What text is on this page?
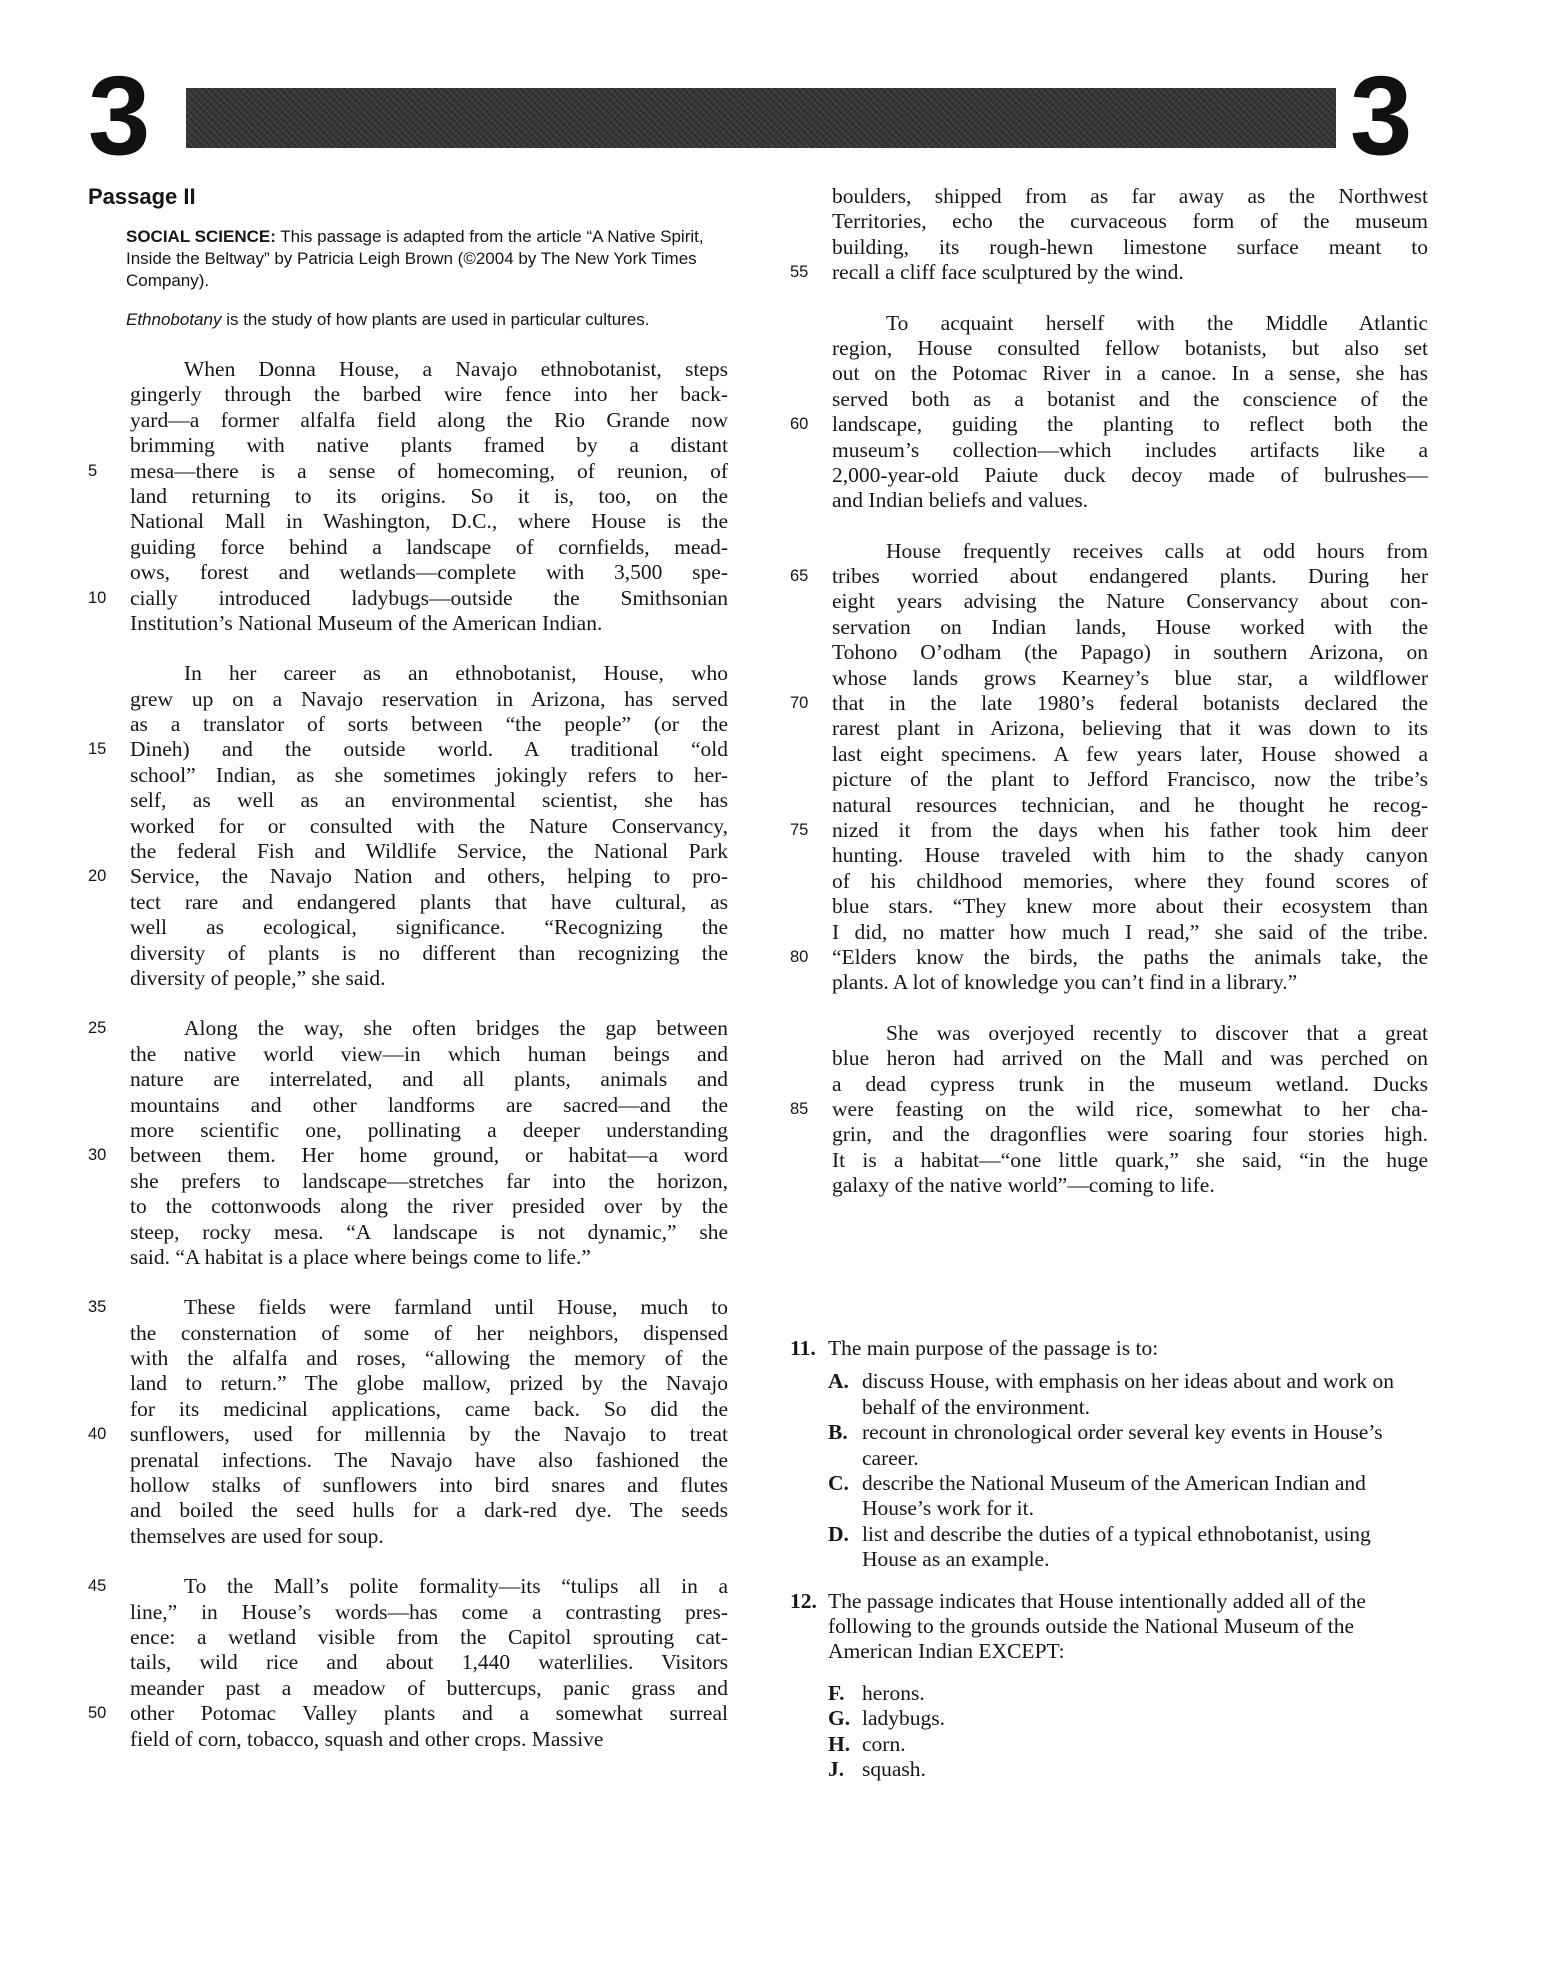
3	3
Passage II
SOCIAL SCIENCE: This passage is adapted from the article “A Native Spirit, Inside the Beltway” by Patricia Leigh Brown (©2004 by The New York Times Company).
Ethnobotany is the study of how plants are used in particular cultures.
When Donna House, a Navajo ethnobotanist, steps
gingerly through the barbed wire fence into her back-
yard—a former alfalfa field along the Rio Grande now
brimming with native plants framed by a distant
mesa—there is a sense of homecoming, of reunion, of
5
land returning to its origins. So it is, too, on the
National Mall in Washington, D.C., where House is the
guiding force behind a landscape of cornfields, mead-
ows, forest and wetlands—complete with 3,500 spe-
cially introduced ladybugs—outside the Smithsonian
10
Institution’s National Museum of the American Indian.
In her career as an ethnobotanist, House, who
grew up on a Navajo reservation in Arizona, has served
as a translator of sorts between “the people” (or the
Dineh) and the outside world. A traditional “old
15
school” Indian, as she sometimes jokingly refers to her-
self, as well as an environmental scientist, she has
worked for or consulted with the Nature Conservancy,
the federal Fish and Wildlife Service, the National Park
Service, the Navajo Nation and others, helping to pro-
20
tect rare and endangered plants that have cultural, as
well as ecological, significance. “Recognizing the
diversity of plants is no different than recognizing the
diversity of people,” she said.
Along the way, she often bridges the gap between
25
the native world view—in which human beings and
nature are interrelated, and all plants, animals and
mountains and other landforms are sacred—and the
more scientific one, pollinating a deeper understanding
between them. Her home ground, or habitat—a word
30
she prefers to landscape—stretches far into the horizon,
to the cottonwoods along the river presided over by the
steep, rocky mesa. “A landscape is not dynamic,” she
said. “A habitat is a place where beings come to life.”
These fields were farmland until House, much to
35
the consternation of some of her neighbors, dispensed
with the alfalfa and roses, “allowing the memory of the
land to return.” The globe mallow, prized by the Navajo
for its medicinal applications, came back. So did the
sunflowers, used for millennia by the Navajo to treat
40
prenatal infections. The Navajo have also fashioned the
hollow stalks of sunflowers into bird snares and flutes
and boiled the seed hulls for a dark-red dye. The seeds
themselves are used for soup.
To the Mall’s polite formality—its “tulips all in a
45
line,” in House’s words—has come a contrasting pres-
ence: a wetland visible from the Capitol sprouting cat-
tails, wild rice and about 1,440 waterlilies. Visitors
meander past a meadow of buttercups, panic grass and
other Potomac Valley plants and a somewhat surreal
50
field of corn, tobacco, squash and other crops. Massive
boulders, shipped from as far away as the Northwest
Territories, echo the curvaceous form of the museum
building, its rough-hewn limestone surface meant to
recall a cliff face sculptured by the wind.
55
To acquaint herself with the Middle Atlantic
region, House consulted fellow botanists, but also set
out on the Potomac River in a canoe. In a sense, she has
served both as a botanist and the conscience of the
landscape, guiding the planting to reflect both the
60
museum’s collection—which includes artifacts like a
2,000-year-old Paiute duck decoy made of bulrushes—
and Indian beliefs and values.
House frequently receives calls at odd hours from
tribes worried about endangered plants. During her
65
eight years advising the Nature Conservancy about con-
servation on Indian lands, House worked with the
Tohono O’odham (the Papago) in southern Arizona, on
whose lands grows Kearney’s blue star, a wildflower
that in the late 1980’s federal botanists declared the
70
rarest plant in Arizona, believing that it was down to its
last eight specimens. A few years later, House showed a
picture of the plant to Jefford Francisco, now the tribe’s
natural resources technician, and he thought he recog-
nized it from the days when his father took him deer
75
hunting. House traveled with him to the shady canyon
of his childhood memories, where they found scores of
blue stars. “They knew more about their ecosystem than
I did, no matter how much I read,” she said of the tribe.
“Elders know the birds, the paths the animals take, the
80
plants. A lot of knowledge you can’t find in a library.”
She was overjoyed recently to discover that a great
blue heron had arrived on the Mall and was perched on
a dead cypress trunk in the museum wetland. Ducks
were feasting on the wild rice, somewhat to her cha-
85
grin, and the dragonflies were soaring four stories high.
It is a habitat—“one little quark,” she said, “in the huge
galaxy of the native world”—coming to life.
11. The main purpose of the passage is to:
A. discuss House, with emphasis on her ideas about and work on behalf of the environment.
B. recount in chronological order several key events in House’s career.
C. describe the National Museum of the American Indian and House’s work for it.
D. list and describe the duties of a typical ethnobotanist, using House as an example.
12. The passage indicates that House intentionally added all of the following to the grounds outside the National Museum of the American Indian EXCEPT:
F. herons.
G. ladybugs.
H. corn.
J. squash.
